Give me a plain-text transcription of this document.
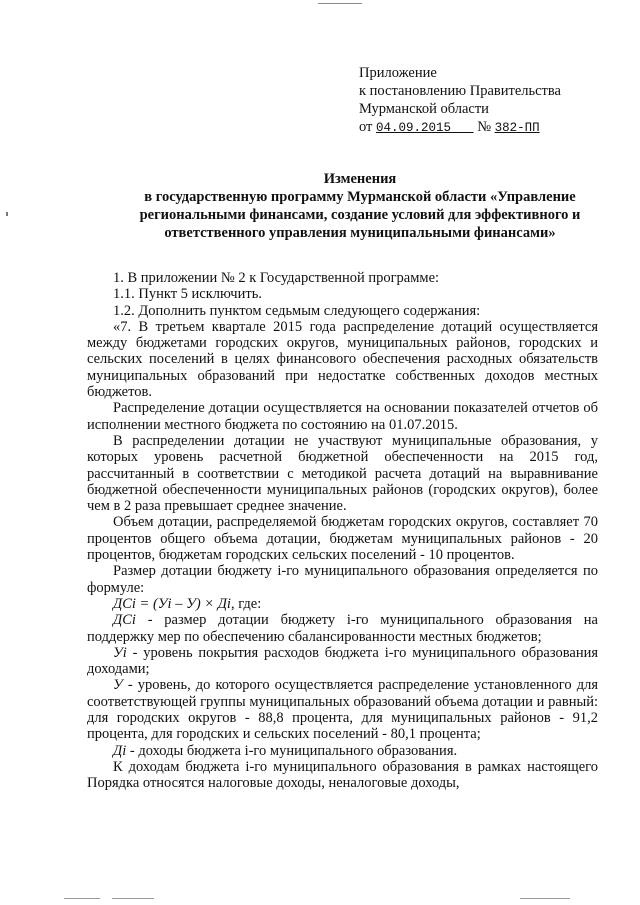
Приложение
к постановлению Правительства
Мурманской области
от 04.09.2015 № 382-ПП
Изменения
в государственную программу Мурманской области «Управление
региональными финансами, создание условий для эффективного и
ответственного управления муниципальными финансами»

1. В приложении № 2 к Государственной программе:

1.1. Пункт 5 исключить.

1.2. Дополнить пунктом седьмым следующего содержания:

«7. В третьем квартале 2015 года распределение дотаций осуществляется между бюджетами городских округов, муниципальных районов, городских и сельских поселений в целях финансового обеспечения расходных обязательств муниципальных образований при недостатке собственных доходов местных бюджетов.

Распределение дотации осуществляется на основании показателей отчетов об исполнении местного бюджета по состоянию на 01.07.2015.

В распределении дотации не участвуют муниципальные образования, у которых уровень расчетной бюджетной обеспеченности на 2015 год, рассчитанный в соответствии с методикой расчета дотаций на выравнивание бюджетной обеспеченности муниципальных районов (городских округов), более чем в 2 раза превышает среднее значение.

Объем дотации, распределяемой бюджетам городских округов, составляет 70 процентов общего объема дотации, бюджетам муниципальных районов - 20 процентов, бюджетам городских сельских поселений - 10 процентов.

Размер дотации бюджету i-го муниципального образования определяется по формуле:

ДСi = (Уi – У) × Дi, где:

ДСi - размер дотации бюджету i-го муниципального образования на поддержку мер по обеспечению сбалансированности местных бюджетов;

Уi - уровень покрытия расходов бюджета i-го муниципального образования доходами;

У - уровень, до которого осуществляется распределение установленного для соответствующей группы муниципальных образований объема дотации и равный: для городских округов - 88,8 процента, для муниципальных районов - 91,2 процента, для городских и сельских поселений - 80,1 процента;

Дi - доходы бюджета i-го муниципального образования.

К доходам бюджета i-го муниципального образования в рамках настоящего Порядка относятся налоговые доходы, неналоговые доходы,
